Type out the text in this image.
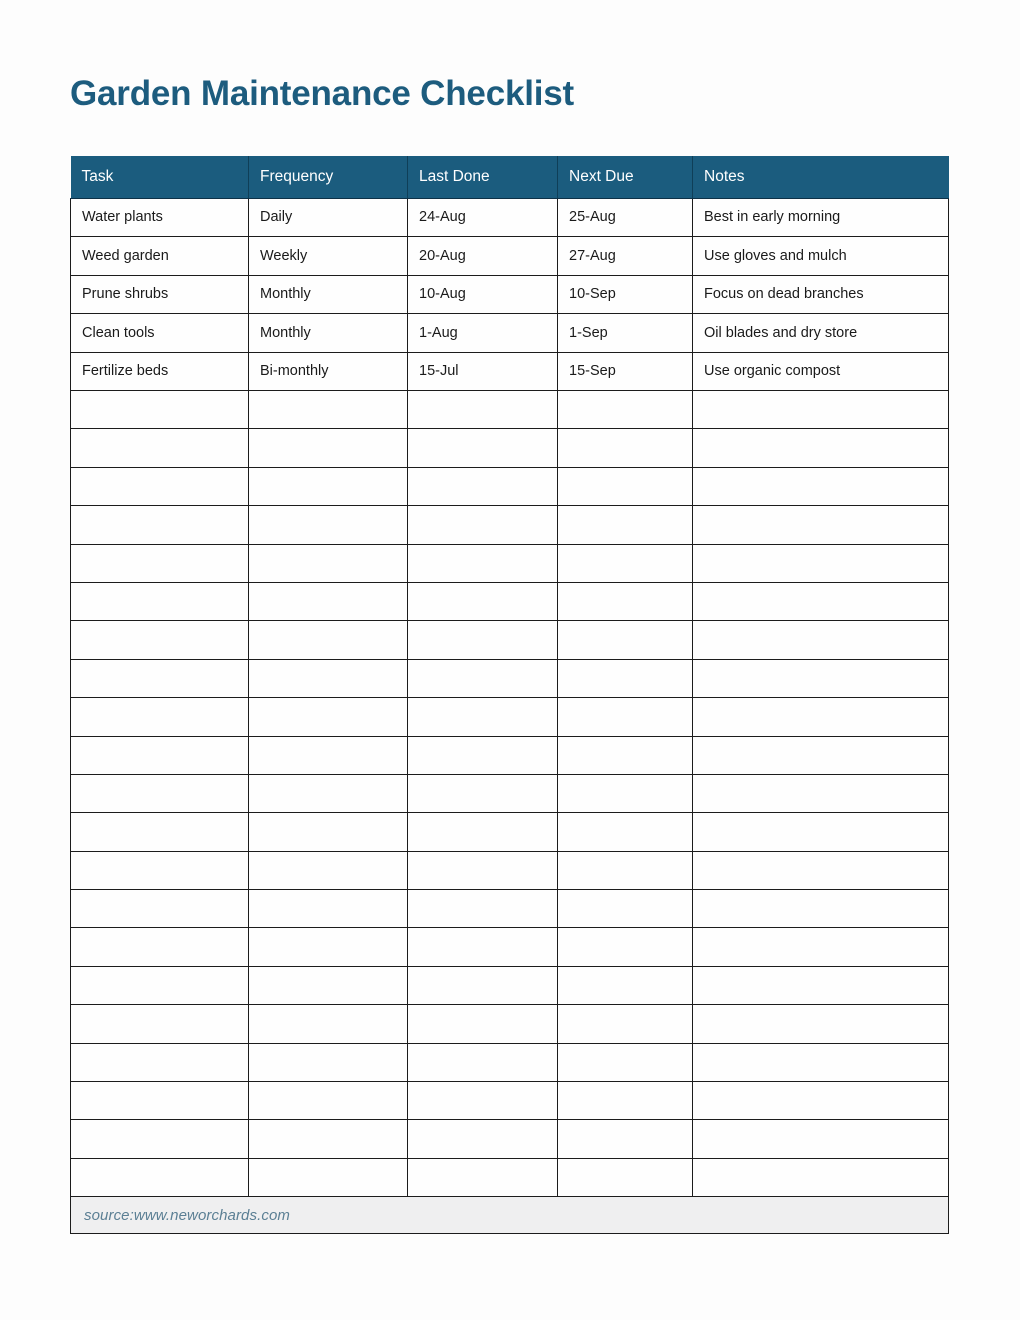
Garden Maintenance Checklist
Task	Frequency	Last Done	Next Due	Notes
Water plants	Daily	24-Aug	25-Aug	Best in early morning
Weed garden	Weekly	20-Aug	27-Aug	Use gloves and mulch
Prune shrubs	Monthly	10-Aug	10-Sep	Focus on dead branches
Clean tools	Monthly	1-Aug	1-Sep	Oil blades and dry store
Fertilize beds	Bi-monthly	15-Jul	15-Sep	Use organic compost

source:www.neworchards.com				
